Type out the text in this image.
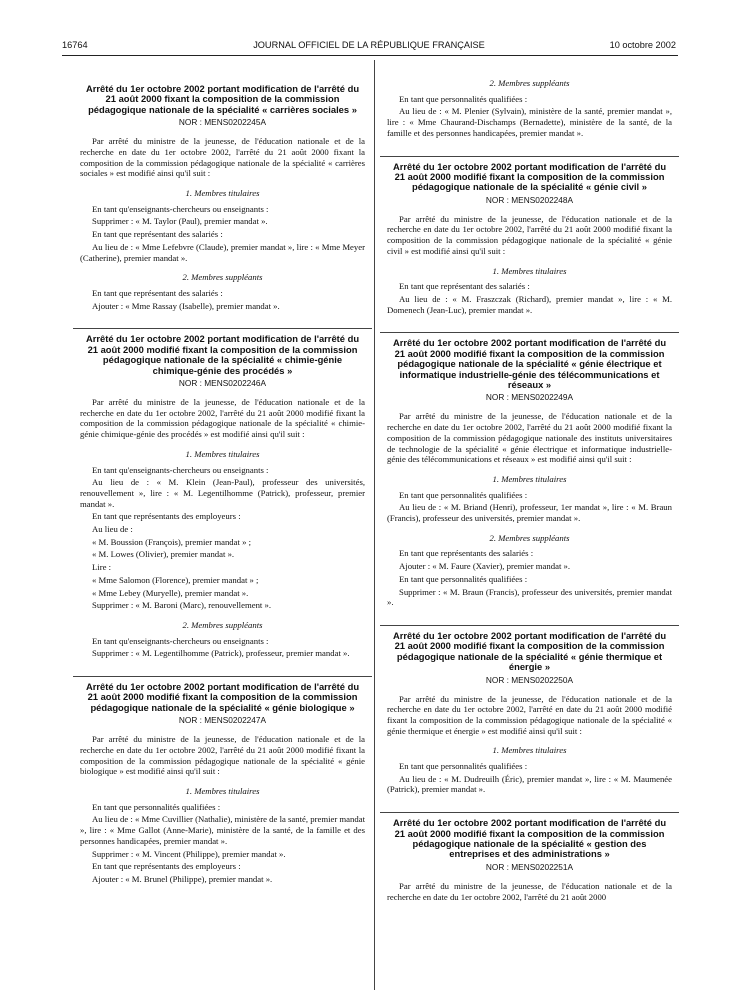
16764	JOURNAL OFFICIEL DE LA RÉPUBLIQUE FRANÇAISE	10 octobre 2002
Arrêté du 1er octobre 2002 portant modification de l'arrêté du 21 août 2000 fixant la composition de la commission pédagogique nationale de la spécialité « carrières sociales »
NOR : MENS0202245A

Par arrêté du ministre de la jeunesse, de l'éducation nationale et de la recherche en date du 1er octobre 2002, l'arrêté du 21 août 2000 fixant la composition de la commission pédagogique nationale de la spécialité « carrières sociales » est modifié ainsi qu'il suit :

1. Membres titulaires

En tant qu'enseignants-chercheurs ou enseignants :

Supprimer : « M. Taylor (Paul), premier mandat ».

En tant que représentant des salariés :

Au lieu de : « Mme Lefebvre (Claude), premier mandat », lire : « Mme Meyer (Catherine), premier mandat ».

2. Membres suppléants

En tant que représentant des salariés :

Ajouter : « Mme Rassay (Isabelle), premier mandat ».

Arrêté du 1er octobre 2002 portant modification de l'arrêté du 21 août 2000 modifié fixant la composition de la commission pédagogique nationale de la spécialité « chimie-génie chimique-génie des procédés »
NOR : MENS0202246A

Par arrêté du ministre de la jeunesse, de l'éducation nationale et de la recherche en date du 1er octobre 2002, l'arrêté du 21 août 2000 modifié fixant la composition de la commission pédagogique nationale de la spécialité « chimie-génie chimique-génie des procédés » est modifié ainsi qu'il suit :

1. Membres titulaires

En tant qu'enseignants-chercheurs ou enseignants :

Au lieu de : « M. Klein (Jean-Paul), professeur des universités, renouvellement », lire : « M. Legentilhomme (Patrick), professeur, premier mandat ».

En tant que représentants des employeurs :

Au lieu de :

« M. Boussion (François), premier mandat » ;

« M. Lowes (Olivier), premier mandat ».

Lire :

« Mme Salomon (Florence), premier mandat » ;

« Mme Lebey (Muryelle), premier mandat ».

Supprimer : « M. Baroni (Marc), renouvellement ».

2. Membres suppléants

En tant qu'enseignants-chercheurs ou enseignants :

Supprimer : « M. Legentilhomme (Patrick), professeur, premier mandat ».

Arrêté du 1er octobre 2002 portant modification de l'arrêté du 21 août 2000 modifié fixant la composition de la commission pédagogique nationale de la spécialité « génie biologique »
NOR : MENS0202247A

Par arrêté du ministre de la jeunesse, de l'éducation nationale et de la recherche en date du 1er octobre 2002, l'arrêté du 21 août 2000 modifié fixant la composition de la commission pédagogique nationale de la spécialité « génie biologique » est modifié ainsi qu'il suit :

1. Membres titulaires

En tant que personnalités qualifiées :

Au lieu de : « Mme Cuvillier (Nathalie), ministère de la santé, premier mandat », lire : « Mme Gallot (Anne-Marie), ministère de la santé, de la famille et des personnes handicapées, premier mandat ».

Supprimer : « M. Vincent (Philippe), premier mandat ».

En tant que représentants des employeurs :

Ajouter : « M. Brunel (Philippe), premier mandat ».

2. Membres suppléants

En tant que personnalités qualifiées :

Au lieu de : « M. Plenier (Sylvain), ministère de la santé, premier mandat », lire : « Mme Chaurand-Dischamps (Bernadette), ministère de la santé, de la famille et des personnes handicapées, premier mandat ».

Arrêté du 1er octobre 2002 portant modification de l'arrêté du 21 août 2000 modifié fixant la composition de la commission pédagogique nationale de la spécialité « génie civil »
NOR : MENS0202248A

Par arrêté du ministre de la jeunesse, de l'éducation nationale et de la recherche en date du 1er octobre 2002, l'arrêté du 21 août 2000 modifié fixant la composition de la commission pédagogique nationale de la spécialité « génie civil » est modifié ainsi qu'il suit :

1. Membres titulaires

En tant que représentant des salariés :

Au lieu de : « M. Fraszczak (Richard), premier mandat », lire : « M. Domenech (Jean-Luc), premier mandat ».

Arrêté du 1er octobre 2002 portant modification de l'arrêté du 21 août 2000 modifié fixant la composition de la commission pédagogique nationale de la spécialité « génie électrique et informatique industrielle-génie des télécommunications et réseaux »
NOR : MENS0202249A

Par arrêté du ministre de la jeunesse, de l'éducation nationale et de la recherche en date du 1er octobre 2002, l'arrêté du 21 août 2000 modifié fixant la composition de la commission pédagogique nationale des instituts universitaires de technologie de la spécialité « génie électrique et informatique industrielle-génie des télécommunications et réseaux » est modifié ainsi qu'il suit :

1. Membres titulaires

En tant que personnalités qualifiées :

Au lieu de : « M. Briand (Henri), professeur, 1er mandat », lire : « M. Braun (Francis), professeur des universités, premier mandat ».

2. Membres suppléants

En tant que représentants des salariés :

Ajouter : « M. Faure (Xavier), premier mandat ».

En tant que personnalités qualifiées :

Supprimer : « M. Braun (Francis), professeur des universités, premier mandat ».

Arrêté du 1er octobre 2002 portant modification de l'arrêté du 21 août 2000 modifié fixant la composition de la commission pédagogique nationale de la spécialité « génie thermique et énergie »
NOR : MENS0202250A

Par arrêté du ministre de la jeunesse, de l'éducation nationale et de la recherche en date du 1er octobre 2002, l'arrêté en date du 21 août 2000 modifié fixant la composition de la commission pédagogique nationale de la spécialité « génie thermique et énergie » est modifié ainsi qu'il suit :

1. Membres titulaires

En tant que personnalités qualifiées :

Au lieu de : « M. Dudreuilh (Éric), premier mandat », lire : « M. Maumenée (Patrick), premier mandat ».

Arrêté du 1er octobre 2002 portant modification de l'arrêté du 21 août 2000 modifié fixant la composition de la commission pédagogique nationale de la spécialité « gestion des entreprises et des administrations »
NOR : MENS0202251A

Par arrêté du ministre de la jeunesse, de l'éducation nationale et de la recherche en date du 1er octobre 2002, l'arrêté du 21 août 2000
